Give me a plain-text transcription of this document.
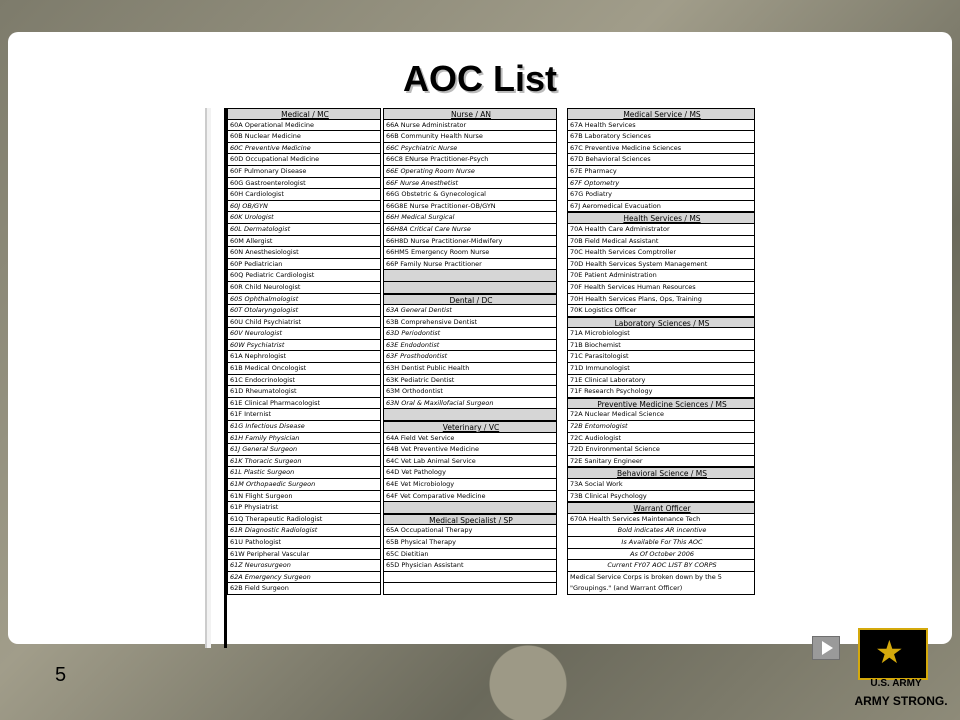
AOC List
Medical / MC
60A Operational Medicine
60B Nuclear Medicine
60C Preventive Medicine
60D Occupational Medicine
60F Pulmonary Disease
60G Gastroenterologist
60H Cardiologist
60J OB/GYN
60K Urologist
60L Dermatologist
60M Allergist
60N Anesthesiologist
60P Pediatrician
60Q Pediatric Cardiologist
60R Child Neurologist
60S Ophthalmologist
60T Otolaryngologist
60U Child Psychiatrist
60V Neurologist
60W Psychiatrist
61A Nephrologist
61B Medical Oncologist
61C Endocrinologist
61D Rheumatologist
61E Clinical Pharmacologist
61F Internist
61G Infectious Disease
61H Family Physician
61J General Surgeon
61K Thoracic Surgeon
61L Plastic Surgeon
61M Orthopaedic Surgeon
61N Flight Surgeon
61P Physiatrist
61Q Therapeutic Radiologist
61R Diagnostic Radiologist
61U Pathologist
61W Peripheral Vascular
61Z Neurosurgeon
62A Emergency Surgeon
62B Field Surgeon
Nurse / AN
66A Nurse Administrator
66B Community Health Nurse
66C Psychiatric Nurse
66C8 ENurse Practitioner-Psych
66E Operating Room Nurse
66F Nurse Anesthetist
66G Obstetric & Gynecological
66G8E Nurse Practitioner-OB/GYN
66H Medical Surgical
66H8A Critical Care Nurse
66H8D Nurse Practitioner-Midwifery
66HM5 Emergency Room Nurse
66P Family Nurse Practitioner
Dental / DC
63A General Dentist
63B Comprehensive Dentist
63D Periodontist
63E Endodontist
63F Prosthodontist
63H Dentist Public Health
63K Pediatric Dentist
63M Orthodontist
63N Oral & Maxillofacial Surgeon
Veterinary / VC
64A Field Vet Service
64B Vet Preventive Medicine
64C Vet Lab Animal Service
64D Vet Pathology
64E Vet Microbiology
64F Vet Comparative Medicine
Medical Specialist / SP
65A Occupational Therapy
65B Physical Therapy
65C Dietitian
65D Physician Assistant
Medical Service / MS
67A Health Services
67B Laboratory Sciences
67C Preventive Medicine Sciences
67D Behavioral Sciences
67E Pharmacy
67F Optometry
67G Podiatry
67J Aeromedical Evacuation
Health Services / MS
70A Health Care Administrator
70B Field Medical Assistant
70C Health Services Comptroller
70D Health Services System Management
70E Patient Administration
70F Health Services Human Resources
70H Health Services Plans, Ops, Training
70K Logistics Officer
Laboratory Sciences / MS
71A Microbiologist
71B Biochemist
71C Parasitologist
71D Immunologist
71E Clinical Laboratory
71F Research Psychology
Preventive Medicine Sciences / MS
72A Nuclear Medical Science
72B Entomologist
72C Audiologist
72D Environmental Science
72E Sanitary Engineer
Behavioral Science / MS
73A Social Work
73B Clinical Psychology
Warrant Officer
670A Health Services Maintenance Tech
Bold indicates AR incentive
Is Available For This AOC
As Of October 2006
Current FY07 AOC LIST BY CORPS
Medical Service Corps is broken down by the 5 "Groupings." (and Warrant Officer)
5
★
U.S. ARMY
ARMY STRONG.
